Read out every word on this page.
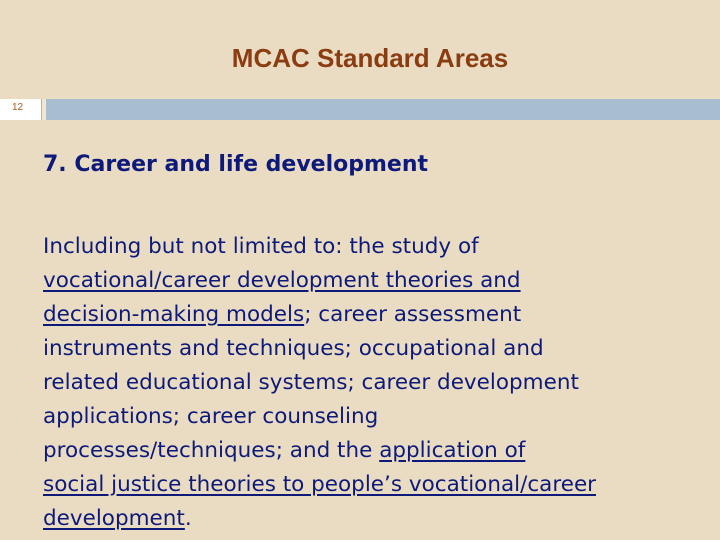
MCAC Standard Areas
12
7. Career and life development
Including but not limited to: the study of
vocational/career development theories and
decision-making models; career assessment
instruments and techniques; occupational and
related educational systems; career development
applications; career counseling
processes/techniques; and the application of
social justice theories to people’s vocational/career
development.
